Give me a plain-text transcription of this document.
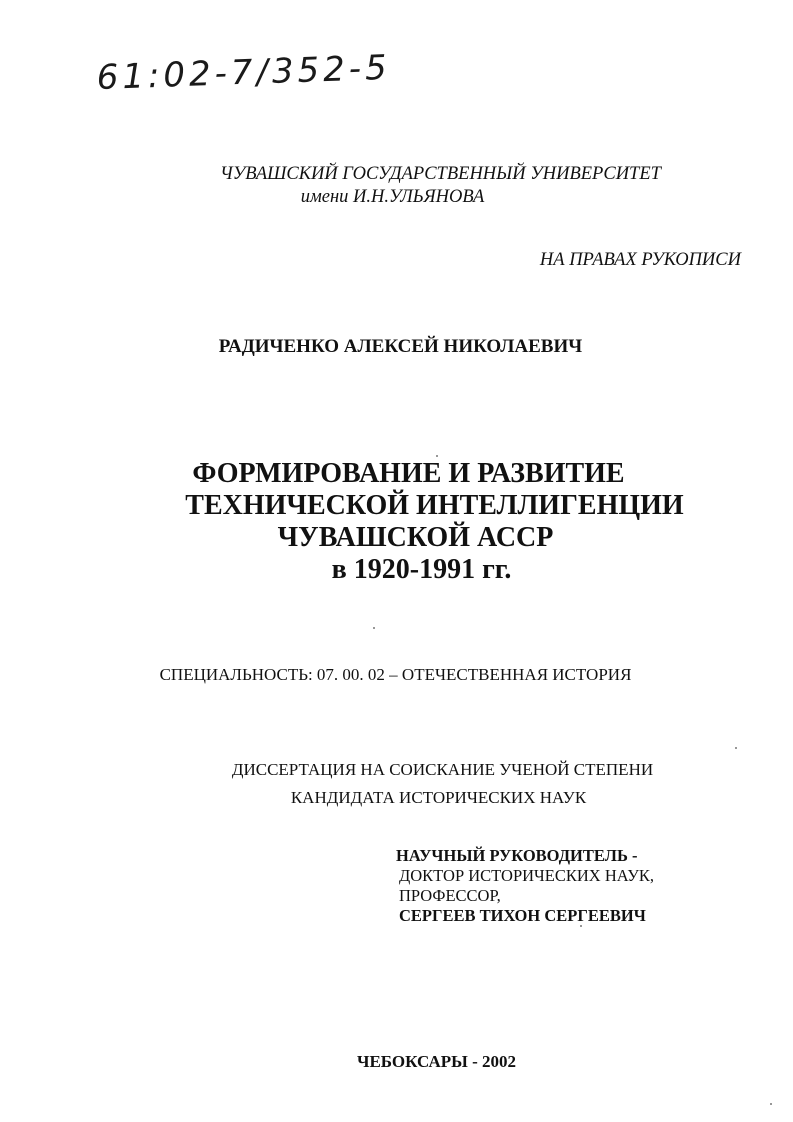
61:02-7/352-5
ЧУВАШСКИЙ ГОСУДАРСТВЕННЫЙ УНИВЕРСИТЕТ
имени И.Н.УЛЬЯНОВА
НА ПРАВАХ РУКОПИСИ
РАДИЧЕНКО АЛЕКСЕЙ НИКОЛАЕВИЧ
ФОРМИРОВАНИЕ И РАЗВИТИЕ
ТЕХНИЧЕСКОЙ ИНТЕЛЛИГЕНЦИИ
ЧУВАШСКОЙ АССР
в 1920-1991 гг.
СПЕЦИАЛЬНОСТЬ: 07. 00. 02 – ОТЕЧЕСТВЕННАЯ ИСТОРИЯ
ДИССЕРТАЦИЯ НА СОИСКАНИЕ УЧЕНОЙ СТЕПЕНИ
КАНДИДАТА ИСТОРИЧЕСКИХ НАУК
НАУЧНЫЙ РУКОВОДИТЕЛЬ -
ДОКТОР ИСТОРИЧЕСКИХ НАУК,
ПРОФЕССОР,
СЕРГЕЕВ ТИХОН СЕРГЕЕВИЧ
ЧЕБОКСАРЫ - 2002
